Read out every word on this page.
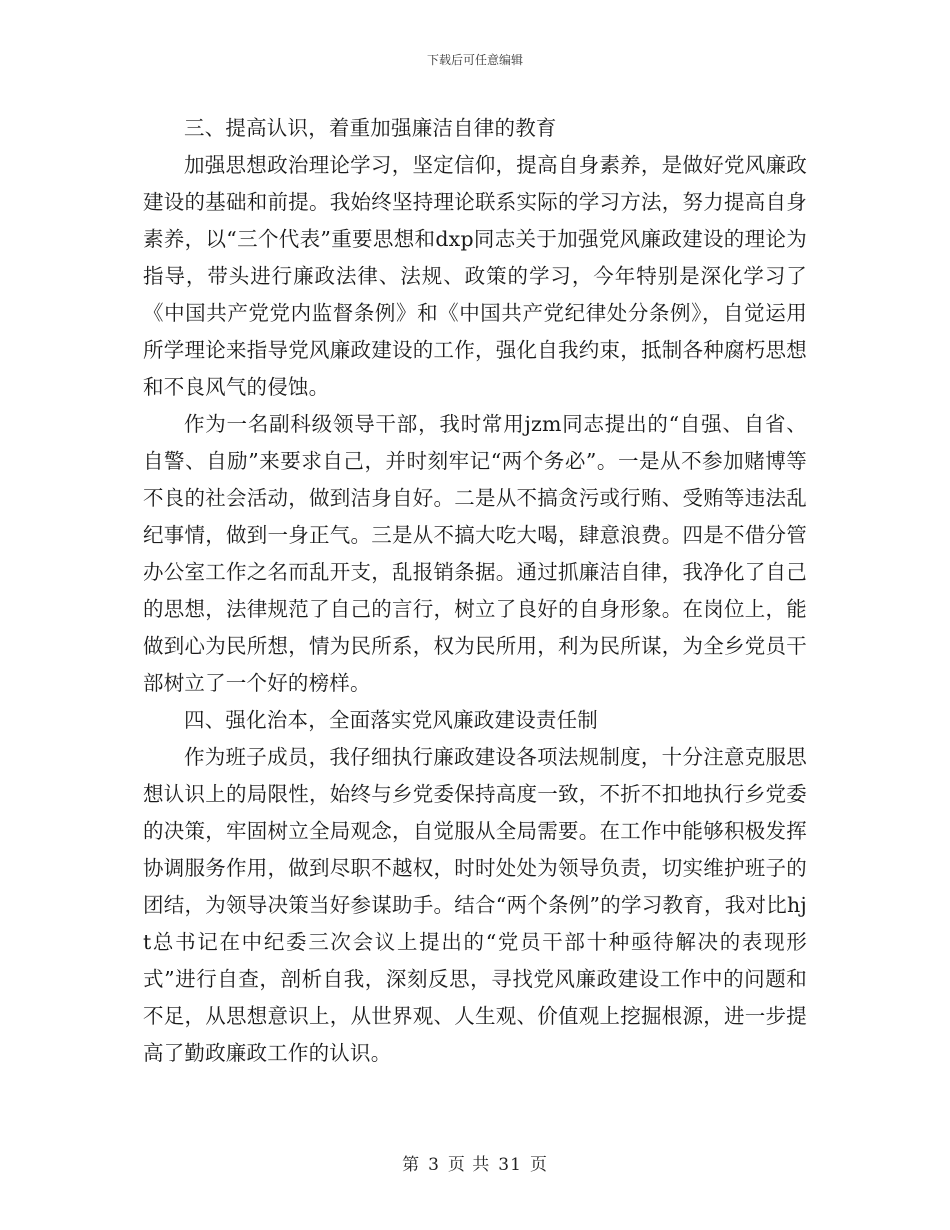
下载后可任意编辑

三、提高认识，着重加强廉洁自律的教育

加强思想政治理论学习，坚定信仰，提高自身素养，是做好党风廉政建设的基础和前提。我始终坚持理论联系实际的学习方法，努力提高自身素养，以“三个代表”重要思想和dxp同志关于加强党风廉政建设的理论为指导，带头进行廉政法律、法规、政策的学习，今年特别是深化学习了《中国共产党党内监督条例》和《中国共产党纪律处分条例》，自觉运用所学理论来指导党风廉政建设的工作，强化自我约束，抵制各种腐朽思想和不良风气的侵蚀。

作为一名副科级领导干部，我时常用jzm同志提出的“自强、自省、自警、自励”来要求自己，并时刻牢记“两个务必”。一是从不参加赌博等不良的社会活动，做到洁身自好。二是从不搞贪污或行贿、受贿等违法乱纪事情，做到一身正气。三是从不搞大吃大喝，肆意浪费。四是不借分管办公室工作之名而乱开支，乱报销条据。通过抓廉洁自律，我净化了自己的思想，法律规范了自己的言行，树立了良好的自身形象。在岗位上，能做到心为民所想，情为民所系，权为民所用，利为民所谋，为全乡党员干部树立了一个好的榜样。

四、强化治本，全面落实党风廉政建设责任制

作为班子成员，我仔细执行廉政建设各项法规制度，十分注意克服思想认识上的局限性，始终与乡党委保持高度一致，不折不扣地执行乡党委的决策，牢固树立全局观念，自觉服从全局需要。在工作中能够积极发挥协调服务作用，做到尽职不越权，时时处处为领导负责，切实维护班子的团结，为领导决策当好参谋助手。结合“两个条例”的学习教育，我对比hjt总书记在中纪委三次会议上提出的“党员干部十种亟待解决的表现形式”进行自查，剖析自我，深刻反思，寻找党风廉政建设工作中的问题和不足，从思想意识上，从世界观、人生观、价值观上挖掘根源，进一步提高了勤政廉政工作的认识。

第 3 页 共 31 页
